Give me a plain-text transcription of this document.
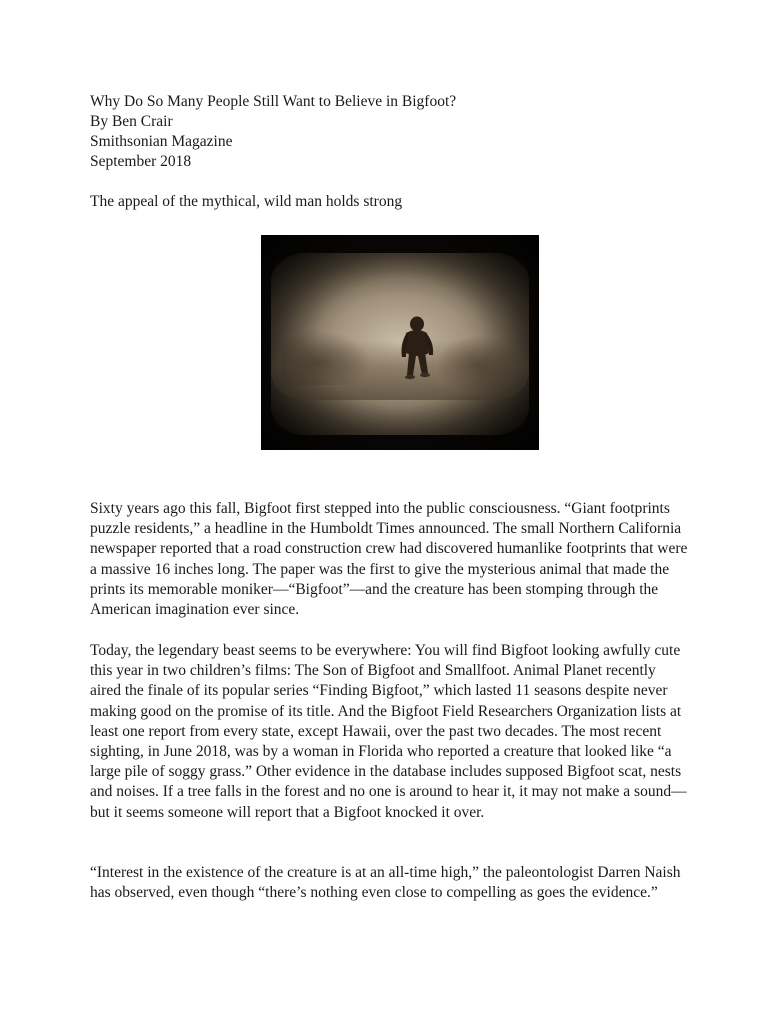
Why Do So Many People Still Want to Believe in Bigfoot?
By Ben Crair
Smithsonian Magazine
September 2018
The appeal of the mythical, wild man holds strong
Sixty years ago this fall, Bigfoot first stepped into the public consciousness. “Giant footprints puzzle residents,” a headline in the Humboldt Times announced. The small Northern California newspaper reported that a road construction crew had discovered humanlike footprints that were a massive 16 inches long. The paper was the first to give the mysterious animal that made the prints its memorable moniker—“Bigfoot”—and the creature has been stomping through the American imagination ever since.
Today, the legendary beast seems to be everywhere: You will find Bigfoot looking awfully cute this year in two children’s films: The Son of Bigfoot and Smallfoot. Animal Planet recently aired the finale of its popular series “Finding Bigfoot,” which lasted 11 seasons despite never making good on the promise of its title. And the Bigfoot Field Researchers Organization lists at least one report from every state, except Hawaii, over the past two decades. The most recent sighting, in June 2018, was by a woman in Florida who reported a creature that looked like “a large pile of soggy grass.” Other evidence in the database includes supposed Bigfoot scat, nests and noises. If a tree falls in the forest and no one is around to hear it, it may not make a sound—but it seems someone will report that a Bigfoot knocked it over.
“Interest in the existence of the creature is at an all-time high,” the paleontologist Darren Naish has observed, even though “there’s nothing even close to compelling as goes the evidence.”
